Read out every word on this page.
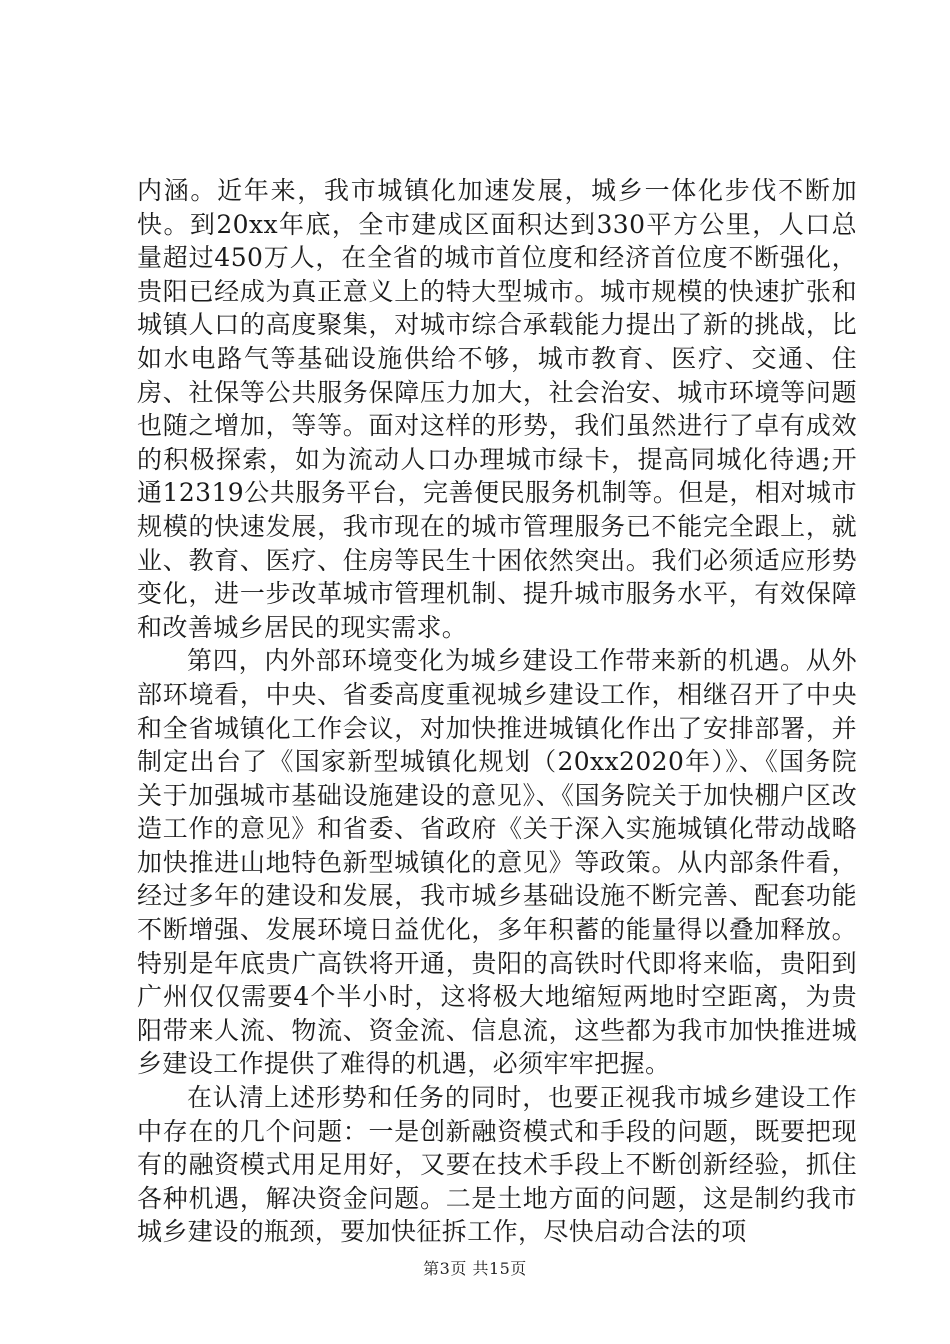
内涵。近年来，我市城镇化加速发展，城乡一体化步伐不断加快。到20xx年底，全市建成区面积达到330平方公里，人口总量超过450万人，在全省的城市首位度和经济首位度不断强化，贵阳已经成为真正意义上的特大型城市。城市规模的快速扩张和城镇人口的高度聚集，对城市综合承载能力提出了新的挑战，比如水电路气等基础设施供给不够，城市教育、医疗、交通、住房、社保等公共服务保障压力加大，社会治安、城市环境等问题也随之增加，等等。面对这样的形势，我们虽然进行了卓有成效的积极探索，如为流动人口办理城市绿卡，提高同城化待遇;开通12319公共服务平台，完善便民服务机制等。但是，相对城市规模的快速发展，我市现在的城市管理服务已不能完全跟上，就业、教育、医疗、住房等民生十困依然突出。我们必须适应形势变化，进一步改革城市管理机制、提升城市服务水平，有效保障和改善城乡居民的现实需求。

第四，内外部环境变化为城乡建设工作带来新的机遇。从外部环境看，中央、省委高度重视城乡建设工作，相继召开了中央和全省城镇化工作会议，对加快推进城镇化作出了安排部署，并制定出台了《国家新型城镇化规划（20xx2020年）》、《国务院关于加强城市基础设施建设的意见》、《国务院关于加快棚户区改造工作的意见》和省委、省政府《关于深入实施城镇化带动战略加快推进山地特色新型城镇化的意见》等政策。从内部条件看，经过多年的建设和发展，我市城乡基础设施不断完善、配套功能不断增强、发展环境日益优化，多年积蓄的能量得以叠加释放。特别是年底贵广高铁将开通，贵阳的高铁时代即将来临，贵阳到广州仅仅需要4个半小时，这将极大地缩短两地时空距离，为贵阳带来人流、物流、资金流、信息流，这些都为我市加快推进城乡建设工作提供了难得的机遇，必须牢牢把握。

在认清上述形势和任务的同时，也要正视我市城乡建设工作中存在的几个问题：一是创新融资模式和手段的问题，既要把现有的融资模式用足用好，又要在技术手段上不断创新经验，抓住各种机遇，解决资金问题。二是土地方面的问题，这是制约我市城乡建设的瓶颈，要加快征拆工作，尽快启动合法的项

第3页 共15页
